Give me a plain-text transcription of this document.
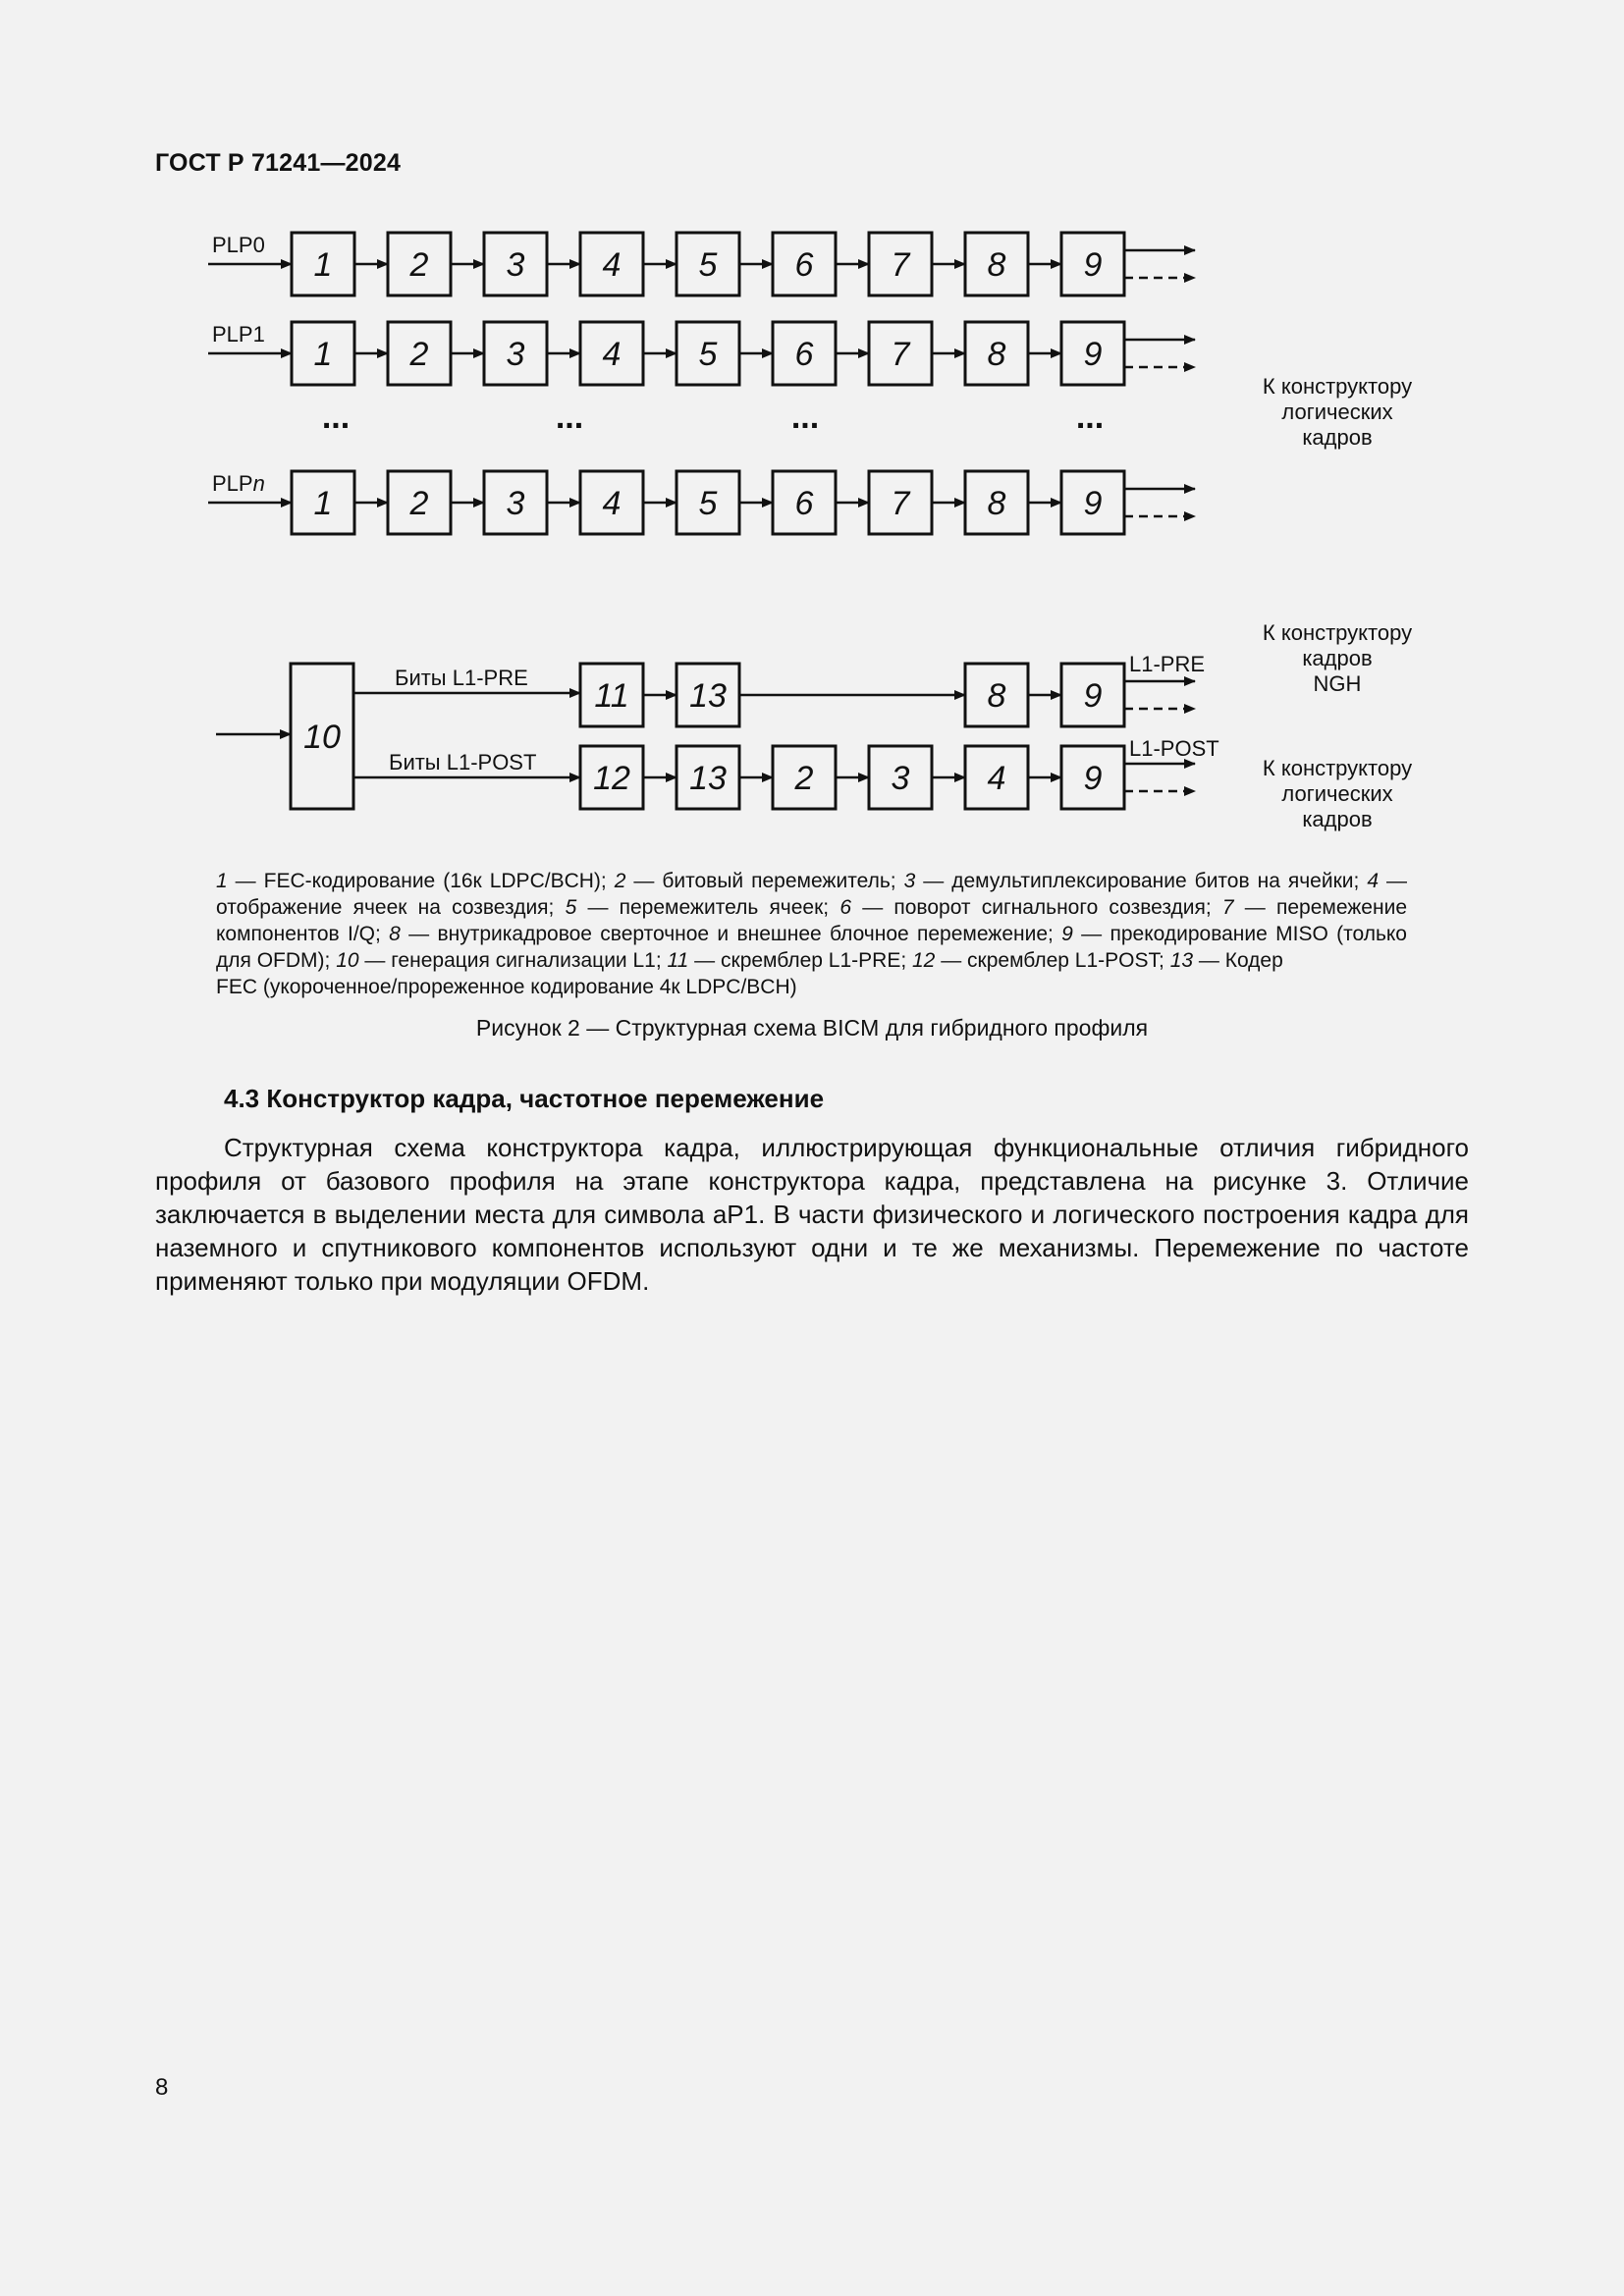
ГОСТ Р 71241—2024
PLP0
1 2 3 4 5 6 7 8 9
PLP1
1 2 3 4 5 6 7 8 9
PLPn
1 2 3 4 5 6 7 8 9
...	...	...	...
К конструктору
логических
кадров
10
Биты L1-PRE
Биты L1-POST
11 13	8 9
L1-PRE
12 13 2 3 4 9
L1-POST
К конструктору
кадров
NGH
К конструктору
логических
кадров
1 — FEC-кодирование (16к LDPC/BCH); 2 — битовый перемежитель; 3 — демультиплексирование битов на ячейки; 4 — отображение ячеек на созвездия; 5 — перемежитель ячеек; 6 — поворот сигнального созвездия; 7 — перемежение компонентов I/Q; 8 — внутрикадровое сверточное и внешнее блочное перемежение; 9 — прекодирование MISO (только для OFDM); 10 — генерация сигнализации L1; 11 — скремблер L1-PRE; 12 — скремблер L1-POST; 13 — Кодер
FEC (укороченное/прореженное кодирование 4к LDPC/BCH)
Рисунок 2 — Структурная схема BICM для гибридного профиля
4.3 Конструктор кадра, частотное перемежение
Структурная схема конструктора кадра, иллюстрирующая функциональные отличия гибридного профиля от базового профиля на этапе конструктора кадра, представлена на рисунке 3. Отличие заключается в выделении места для символа aP1. В части физического и логического построения кадра для наземного и спутникового компонентов используют одни и те же механизмы. Перемежение по частоте применяют только при модуляции OFDM.
8
